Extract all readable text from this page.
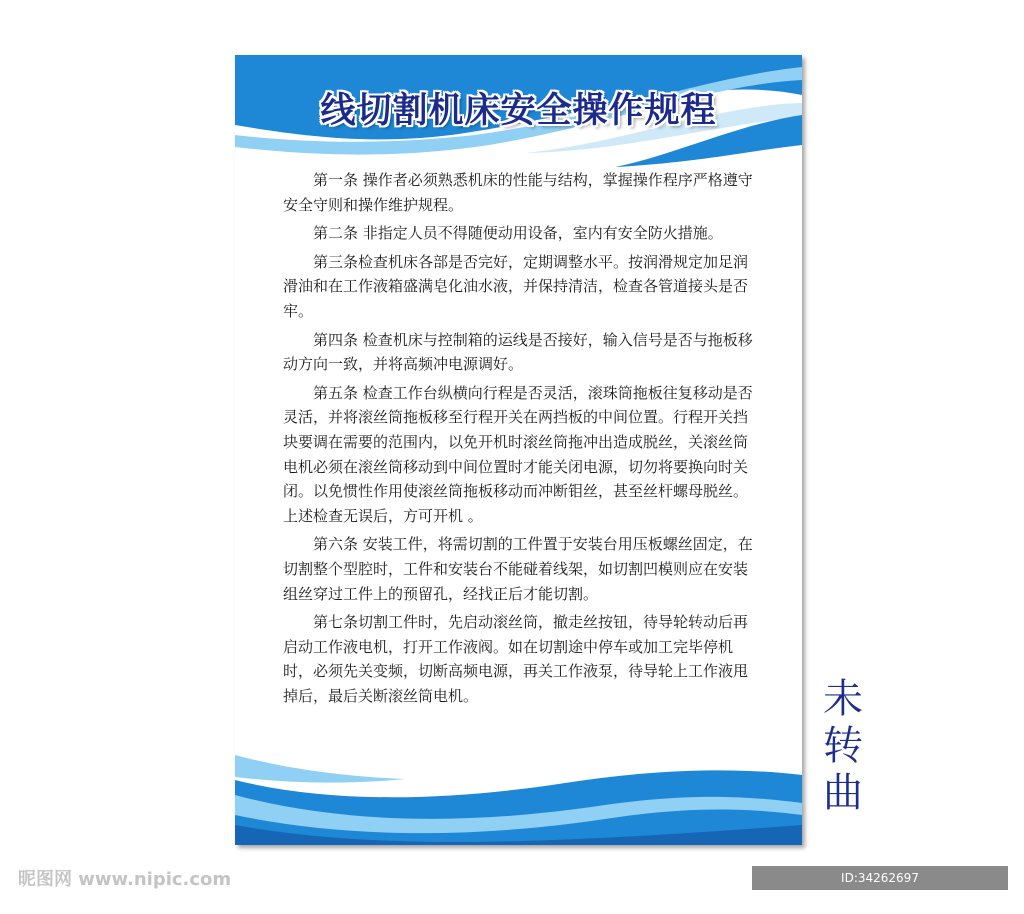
线切割机床安全操作规程

第一条 操作者必须熟悉机床的性能与结构，掌握操作程序严格遵守安全守则和操作维护规程。

第二条 非指定人员不得随便动用设备，室内有安全防火措施。

第三条检查机床各部是否完好，定期调整水平。按润滑规定加足润滑油和在工作液箱盛满皂化油水液，并保持清洁，检查各管道接头是否牢。

第四条 检查机床与控制箱的运线是否接好，输入信号是否与拖板移动方向一致，并将高频冲电源调好。

第五条 检查工作台纵横向行程是否灵活，滚珠筒拖板往复移动是否灵活，并将滚丝筒拖板移至行程开关在两挡板的中间位置。行程开关挡块要调在需要的范围内，以免开机时滚丝筒拖冲出造成脱丝，关滚丝筒电机必须在滚丝筒移动到中间位置时才能关闭电源，切勿将要换向时关闭。以免惯性作用使滚丝筒拖板移动而冲断钼丝，甚至丝杆螺母脱丝。上述检查无误后，方可开机 。

第六条 安装工件，将需切割的工件置于安装台用压板螺丝固定，在切割整个型腔时，工件和安装台不能碰着线架，如切割凹模则应在安装组丝穿过工件上的预留孔，经找正后才能切割。

第七条切割工件时，先启动滚丝筒，撤走丝按钮，待导轮转动后再启动工作液电机，打开工作液阀。如在切割途中停车或加工完毕停机时，必须先关变频，切断高频电源，再关工作液泵，待导轮上工作液甩掉后，最后关断滚丝筒电机。	未
转
曲
昵图网 www.nipic.com	ID:34262697 NO:20250319202634956106
